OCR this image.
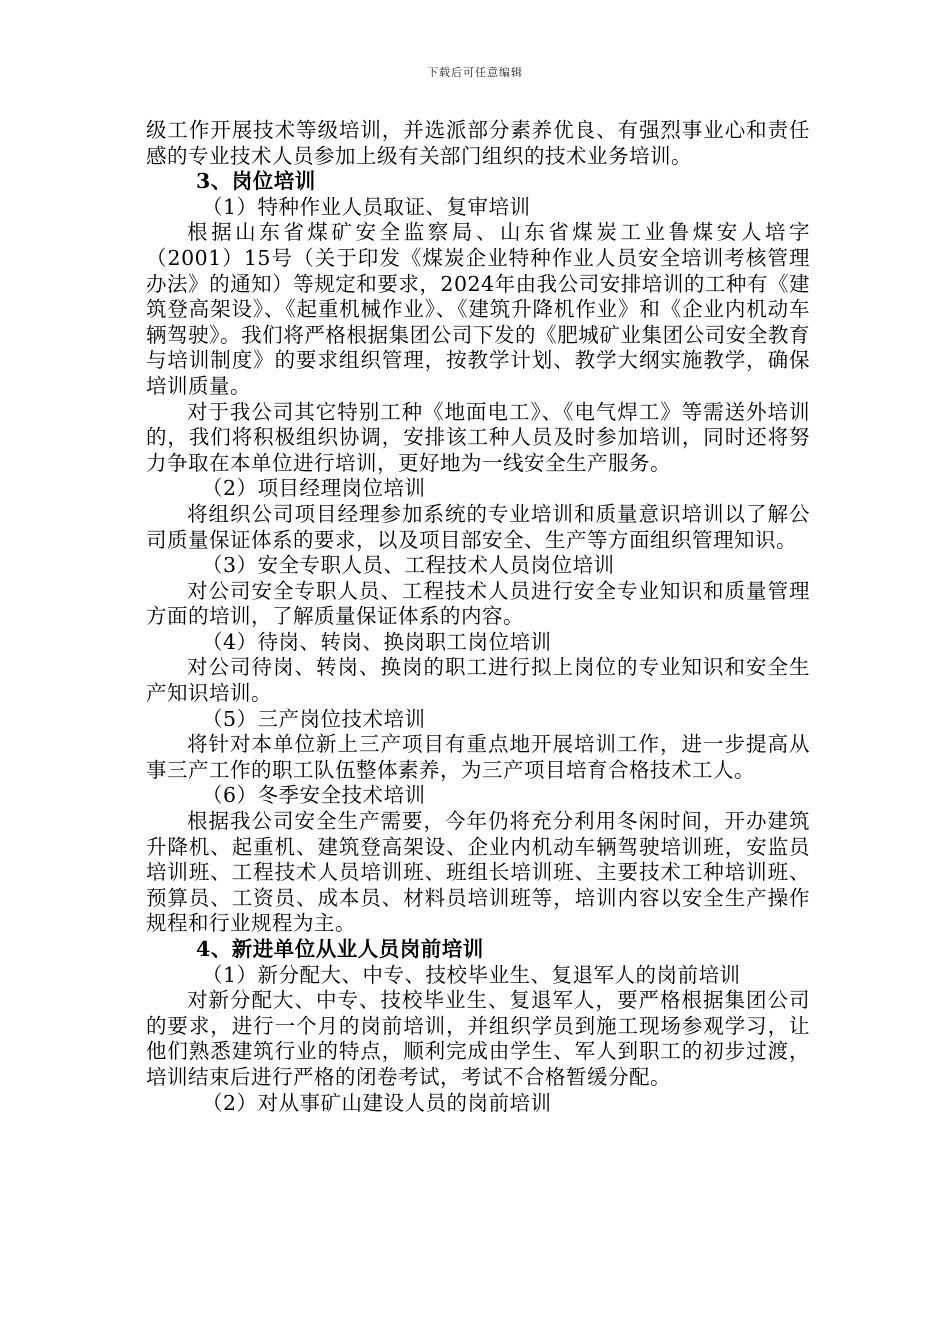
下载后可任意编辑

级工作开展技术等级培训，并选派部分素养优良、有强烈事业心和责任感的专业技术人员参加上级有关部门组织的技术业务培训。

3、岗位培训

（1）特种作业人员取证、复审培训

根据山东省煤矿安全监察局、山东省煤炭工业鲁煤安人培字（2001）15号（关于印发《煤炭企业特种作业人员安全培训考核管理办法》的通知）等规定和要求，2024年由我公司安排培训的工种有《建筑登高架设》、《起重机械作业》、《建筑升降机作业》和《企业内机动车辆驾驶》。我们将严格根据集团公司下发的《肥城矿业集团公司安全教育与培训制度》的要求组织管理，按教学计划、教学大纲实施教学，确保培训质量。

对于我公司其它特别工种《地面电工》、《电气焊工》等需送外培训的，我们将积极组织协调，安排该工种人员及时参加培训，同时还将努力争取在本单位进行培训，更好地为一线安全生产服务。

（2）项目经理岗位培训

将组织公司项目经理参加系统的专业培训和质量意识培训以了解公司质量保证体系的要求，以及项目部安全、生产等方面组织管理知识。

（3）安全专职人员、工程技术人员岗位培训

对公司安全专职人员、工程技术人员进行安全专业知识和质量管理方面的培训，了解质量保证体系的内容。

（4）待岗、转岗、换岗职工岗位培训

对公司待岗、转岗、换岗的职工进行拟上岗位的专业知识和安全生产知识培训。

（5）三产岗位技术培训

将针对本单位新上三产项目有重点地开展培训工作，进一步提高从事三产工作的职工队伍整体素养，为三产项目培育合格技术工人。

（6）冬季安全技术培训

根据我公司安全生产需要，今年仍将充分利用冬闲时间，开办建筑升降机、起重机、建筑登高架设、企业内机动车辆驾驶培训班，安监员培训班、工程技术人员培训班、班组长培训班、主要技术工种培训班、预算员、工资员、成本员、材料员培训班等，培训内容以安全生产操作规程和行业规程为主。

4、新进单位从业人员岗前培训

（1）新分配大、中专、技校毕业生、复退军人的岗前培训

对新分配大、中专、技校毕业生、复退军人，要严格根据集团公司的要求，进行一个月的岗前培训，并组织学员到施工现场参观学习，让他们熟悉建筑行业的特点，顺利完成由学生、军人到职工的初步过渡，培训结束后进行严格的闭卷考试，考试不合格暂缓分配。

（2）对从事矿山建设人员的岗前培训
